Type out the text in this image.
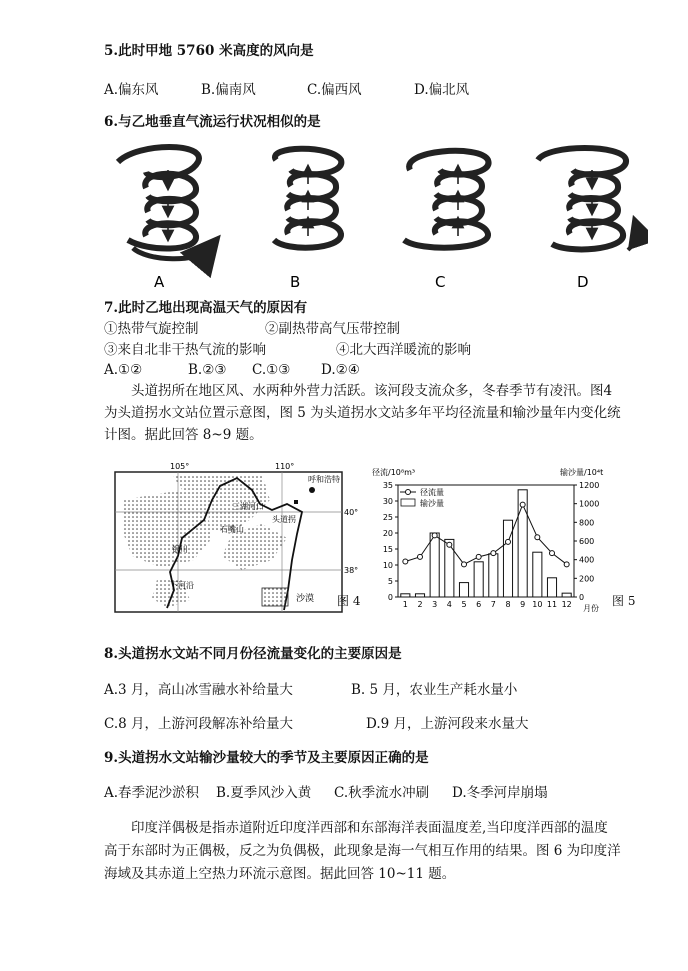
5.此时甲地 5760 米高度的风向是
A.偏东风	B.偏南风	C.偏西风	D.偏北风
6.与乙地垂直气流运行状况相似的是
A	B	C	D
7.此时乙地出现高温天气的原因有
①热带气旋控制	②副热带高气压带控制
③来自北非干热气流的影响	④北大西洋暖流的影响
A.①②	B.②③ C.①③ D.②④
头道拐所在地区风、水两种外营力活跃。该河段支流众多，冬春季节有凌汛。图4
为头道拐水文站位置示意图，图 5 为头道拐水文站多年平均径流量和输沙量年内变化统
计图。据此回答 8~9 题。
105°	110°
40°
38°
呼和浩特
三湖河口
头道拐
石嘴山
银川
下河沿
沙漠 图 4
径流/10⁸m³	输沙量/10⁴t
月份
0
5
10
15
20
25
30
35
0
200
400
600
800
1000
1200
1 2 3 4 5 6 7 8 9 10 11 12
径流量
输沙量
图 5
8.头道拐水文站不同月份径流量变化的主要原因是
A.3 月，高山冰雪融水补给量大	B. 5 月，农业生产耗水量小
C.8 月，上游河段解冻补给量大	D.9 月，上游河段来水量大
9.头道拐水文站输沙量较大的季节及主要原因正确的是
A.春季泥沙淤积 B.夏季风沙入黄 C.秋季流水冲刷 D.冬季河岸崩塌
印度洋偶极是指赤道附近印度洋西部和东部海洋表面温度差,当印度洋西部的温度
高于东部时为正偶极，反之为负偶极，此现象是海一气相互作用的结果。图 6 为印度洋
海域及其赤道上空热力环流示意图。据此回答 10~11 题。
